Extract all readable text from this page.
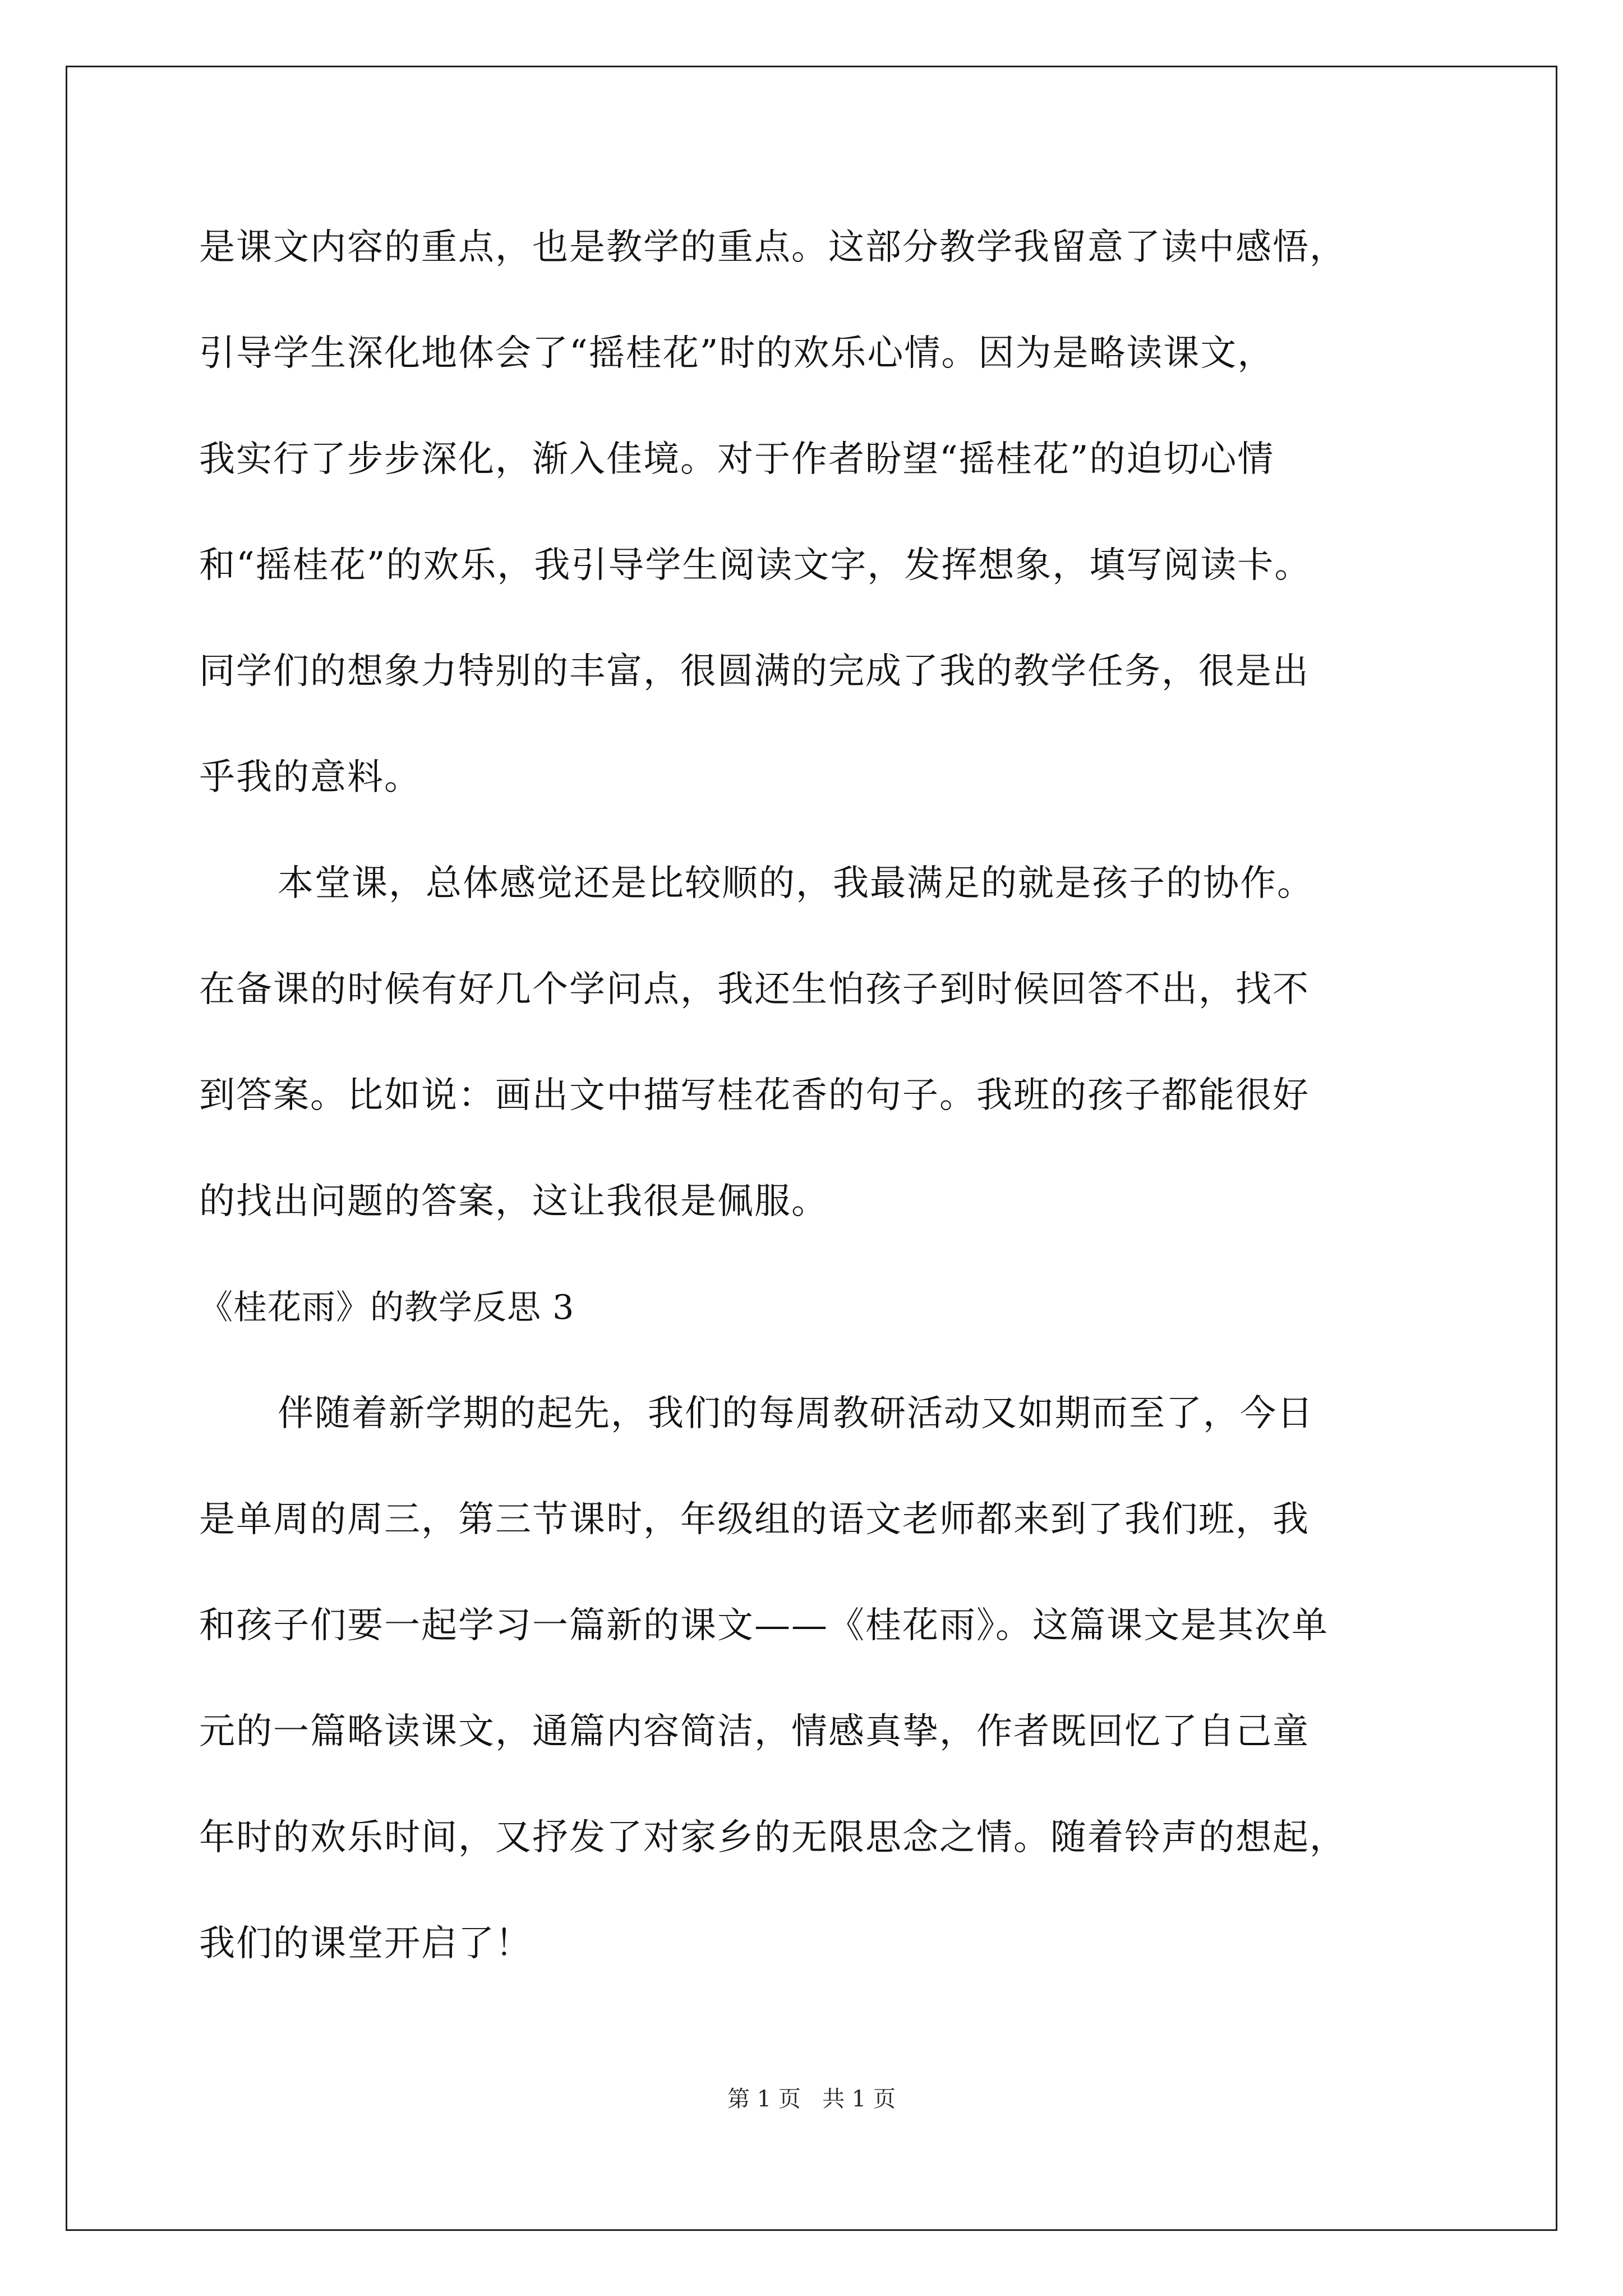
是课文内容的重点，也是教学的重点。这部分教学我留意了读中感悟，
引导学生深化地体会了“摇桂花”时的欢乐心情。因为是略读课文，
我实行了步步深化，渐入佳境。对于作者盼望“摇桂花”的迫切心情
和“摇桂花”的欢乐，我引导学生阅读文字，发挥想象，填写阅读卡。
同学们的想象力特别的丰富，很圆满的完成了我的教学任务，很是出
乎我的意料。
本堂课，总体感觉还是比较顺的，我最满足的就是孩子的协作。
在备课的时候有好几个学问点，我还生怕孩子到时候回答不出，找不
到答案。比如说：画出文中描写桂花香的句子。我班的孩子都能很好
的找出问题的答案，这让我很是佩服。
《桂花雨》的教学反思 3
伴随着新学期的起先，我们的每周教研活动又如期而至了，今日
是单周的周三，第三节课时，年级组的语文老师都来到了我们班，我
和孩子们要一起学习一篇新的课文——《桂花雨》。这篇课文是其次单
元的一篇略读课文，通篇内容简洁，情感真挚，作者既回忆了自己童
年时的欢乐时间，又抒发了对家乡的无限思念之情。随着铃声的想起，
我们的课堂开启了！
第 1 页   共 1 页
